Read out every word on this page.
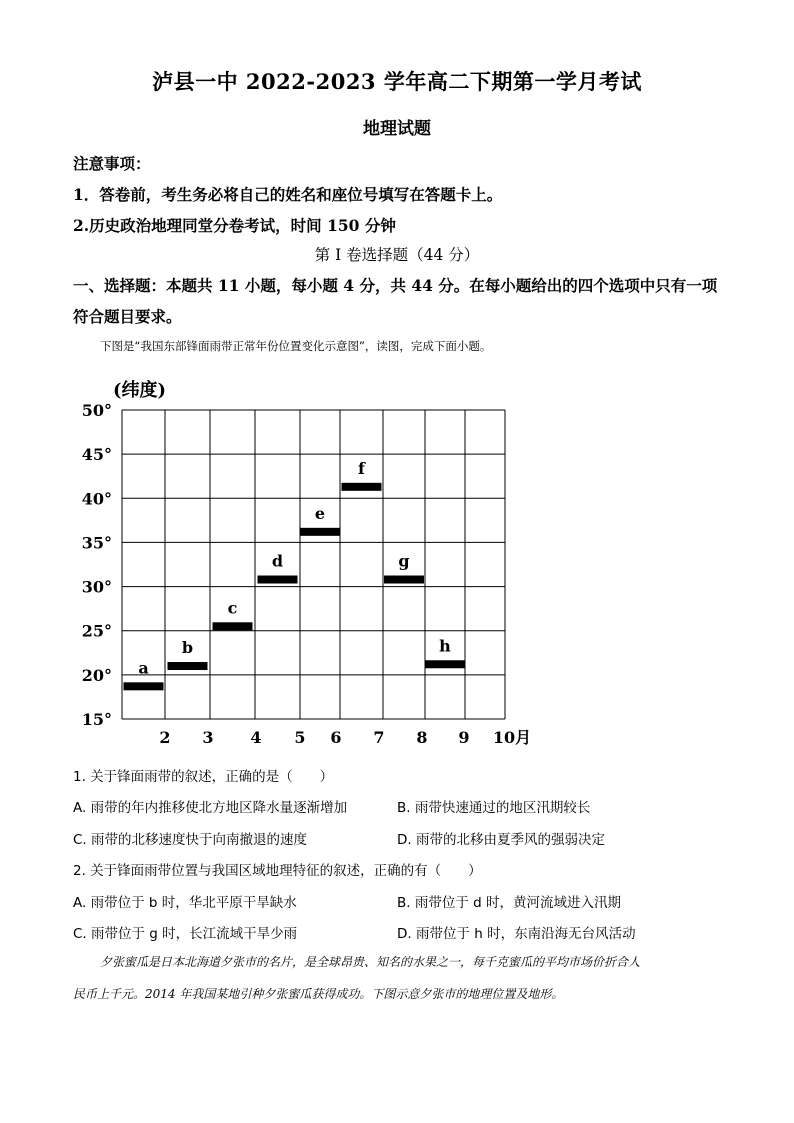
泸县一中 2022-2023 学年高二下期第一学月考试
地理试题
注意事项：
1．答卷前，考生务必将自己的姓名和座位号填写在答题卡上。
2.历史政治地理同堂分卷考试，时间 150 分钟
第 I 卷选择题（44 分）
一、选择题：本题共 11 小题，每小题 4 分，共 44 分。在每小题给出的四个选项中只有一项
符合题目要求。
下图是“我国东部锋面雨带正常年份位置变化示意图”，读图，完成下面小题。
(纬度)
50°
45°
40°
35°
30°
25°
20°
15°
2 3 4 5 6 7 8 9 10月
a
b
c
d
e
f
g
h
1. 关于锋面雨带的叙述，正确的是（　　）
A. 雨带的年内推移使北方地区降水量逐渐增加	B. 雨带快速通过的地区汛期较长
C. 雨带的北移速度快于向南撤退的速度	D. 雨带的北移由夏季风的强弱决定
2. 关于锋面雨带位置与我国区域地理特征的叙述，正确的有（　　）
A. 雨带位于 b 时，华北平原干旱缺水	B. 雨带位于 d 时，黄河流域进入汛期
C. 雨带位于 g 时，长江流域干旱少雨	D. 雨带位于 h 时，东南沿海无台风活动
夕张蜜瓜是日本北海道夕张市的名片，是全球昂贵、知名的水果之一，每千克蜜瓜的平均市场价折合人
民币上千元。2014 年我国某地引种夕张蜜瓜获得成功。下图示意夕张市的地理位置及地形。
